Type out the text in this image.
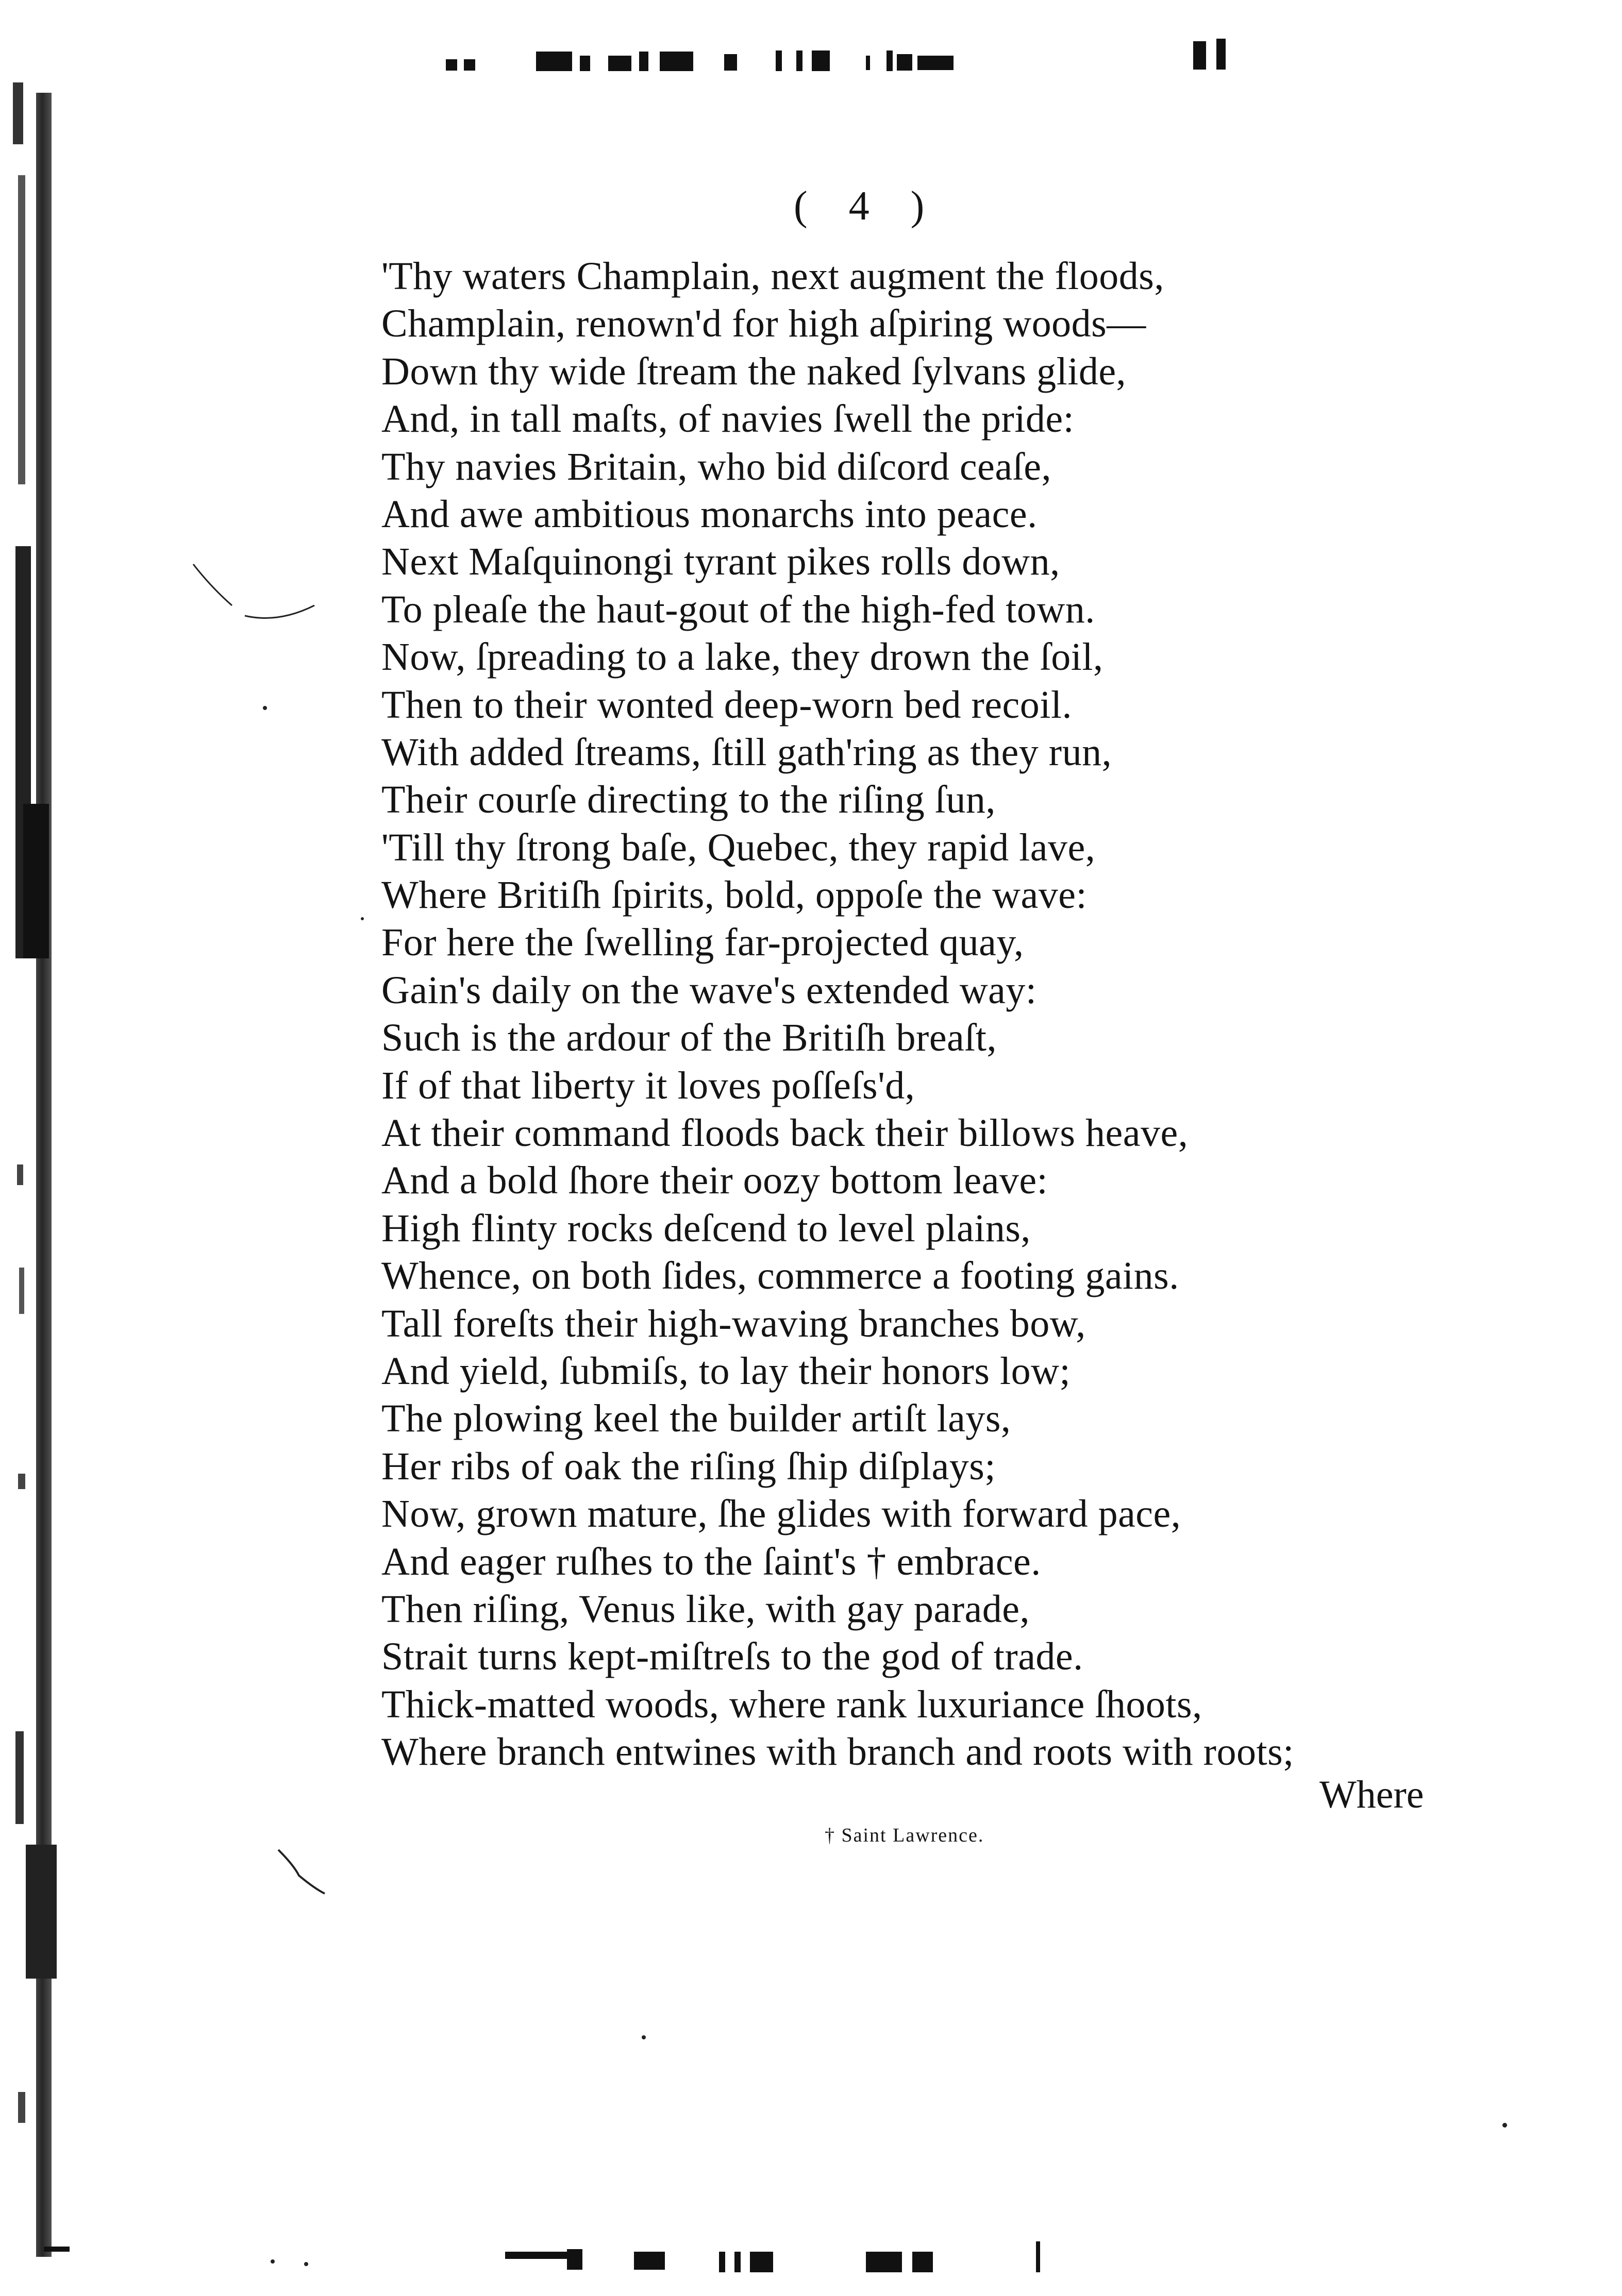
( 4 )
'Thy waters Champlain, next augment the floods,
Champlain, renown'd for high aſpiring woods—
Down thy wide ſtream the naked ſylvans glide,
And, in tall maſts, of navies ſwell the pride:
Thy navies Britain, who bid diſcord ceaſe,
And awe ambitious monarchs into peace.
Next Maſquinongi tyrant pikes rolls down,
To pleaſe the haut-gout of the high-fed town.
Now, ſpreading to a lake, they drown the ſoil,
Then to their wonted deep-worn bed recoil.
With added ſtreams, ſtill gath'ring as they run,
Their courſe directing to the riſing ſun,
'Till thy ſtrong baſe, Quebec, they rapid lave,
Where Britiſh ſpirits, bold, oppoſe the wave:
For here the ſwelling far-projected quay,
Gain's daily on the wave's extended way:
Such is the ardour of the Britiſh breaſt,
If of that liberty it loves poſſeſs'd,
At their command floods back their billows heave,
And a bold ſhore their oozy bottom leave:
High flinty rocks deſcend to level plains,
Whence, on both ſides, commerce a footing gains.
Tall foreſts their high-waving branches bow,
And yield, ſubmiſs, to lay their honors low;
The plowing keel the builder artiſt lays,
Her ribs of oak the riſing ſhip diſplays;
Now, grown mature, ſhe glides with forward pace,
And eager ruſhes to the ſaint's † embrace.
Then riſing, Venus like, with gay parade,
Strait turns kept-miſtreſs to the god of trade.
Thick-matted woods, where rank luxuriance ſhoots,
Where branch entwines with branch and roots with roots;
Where
† Saint Lawrence.
